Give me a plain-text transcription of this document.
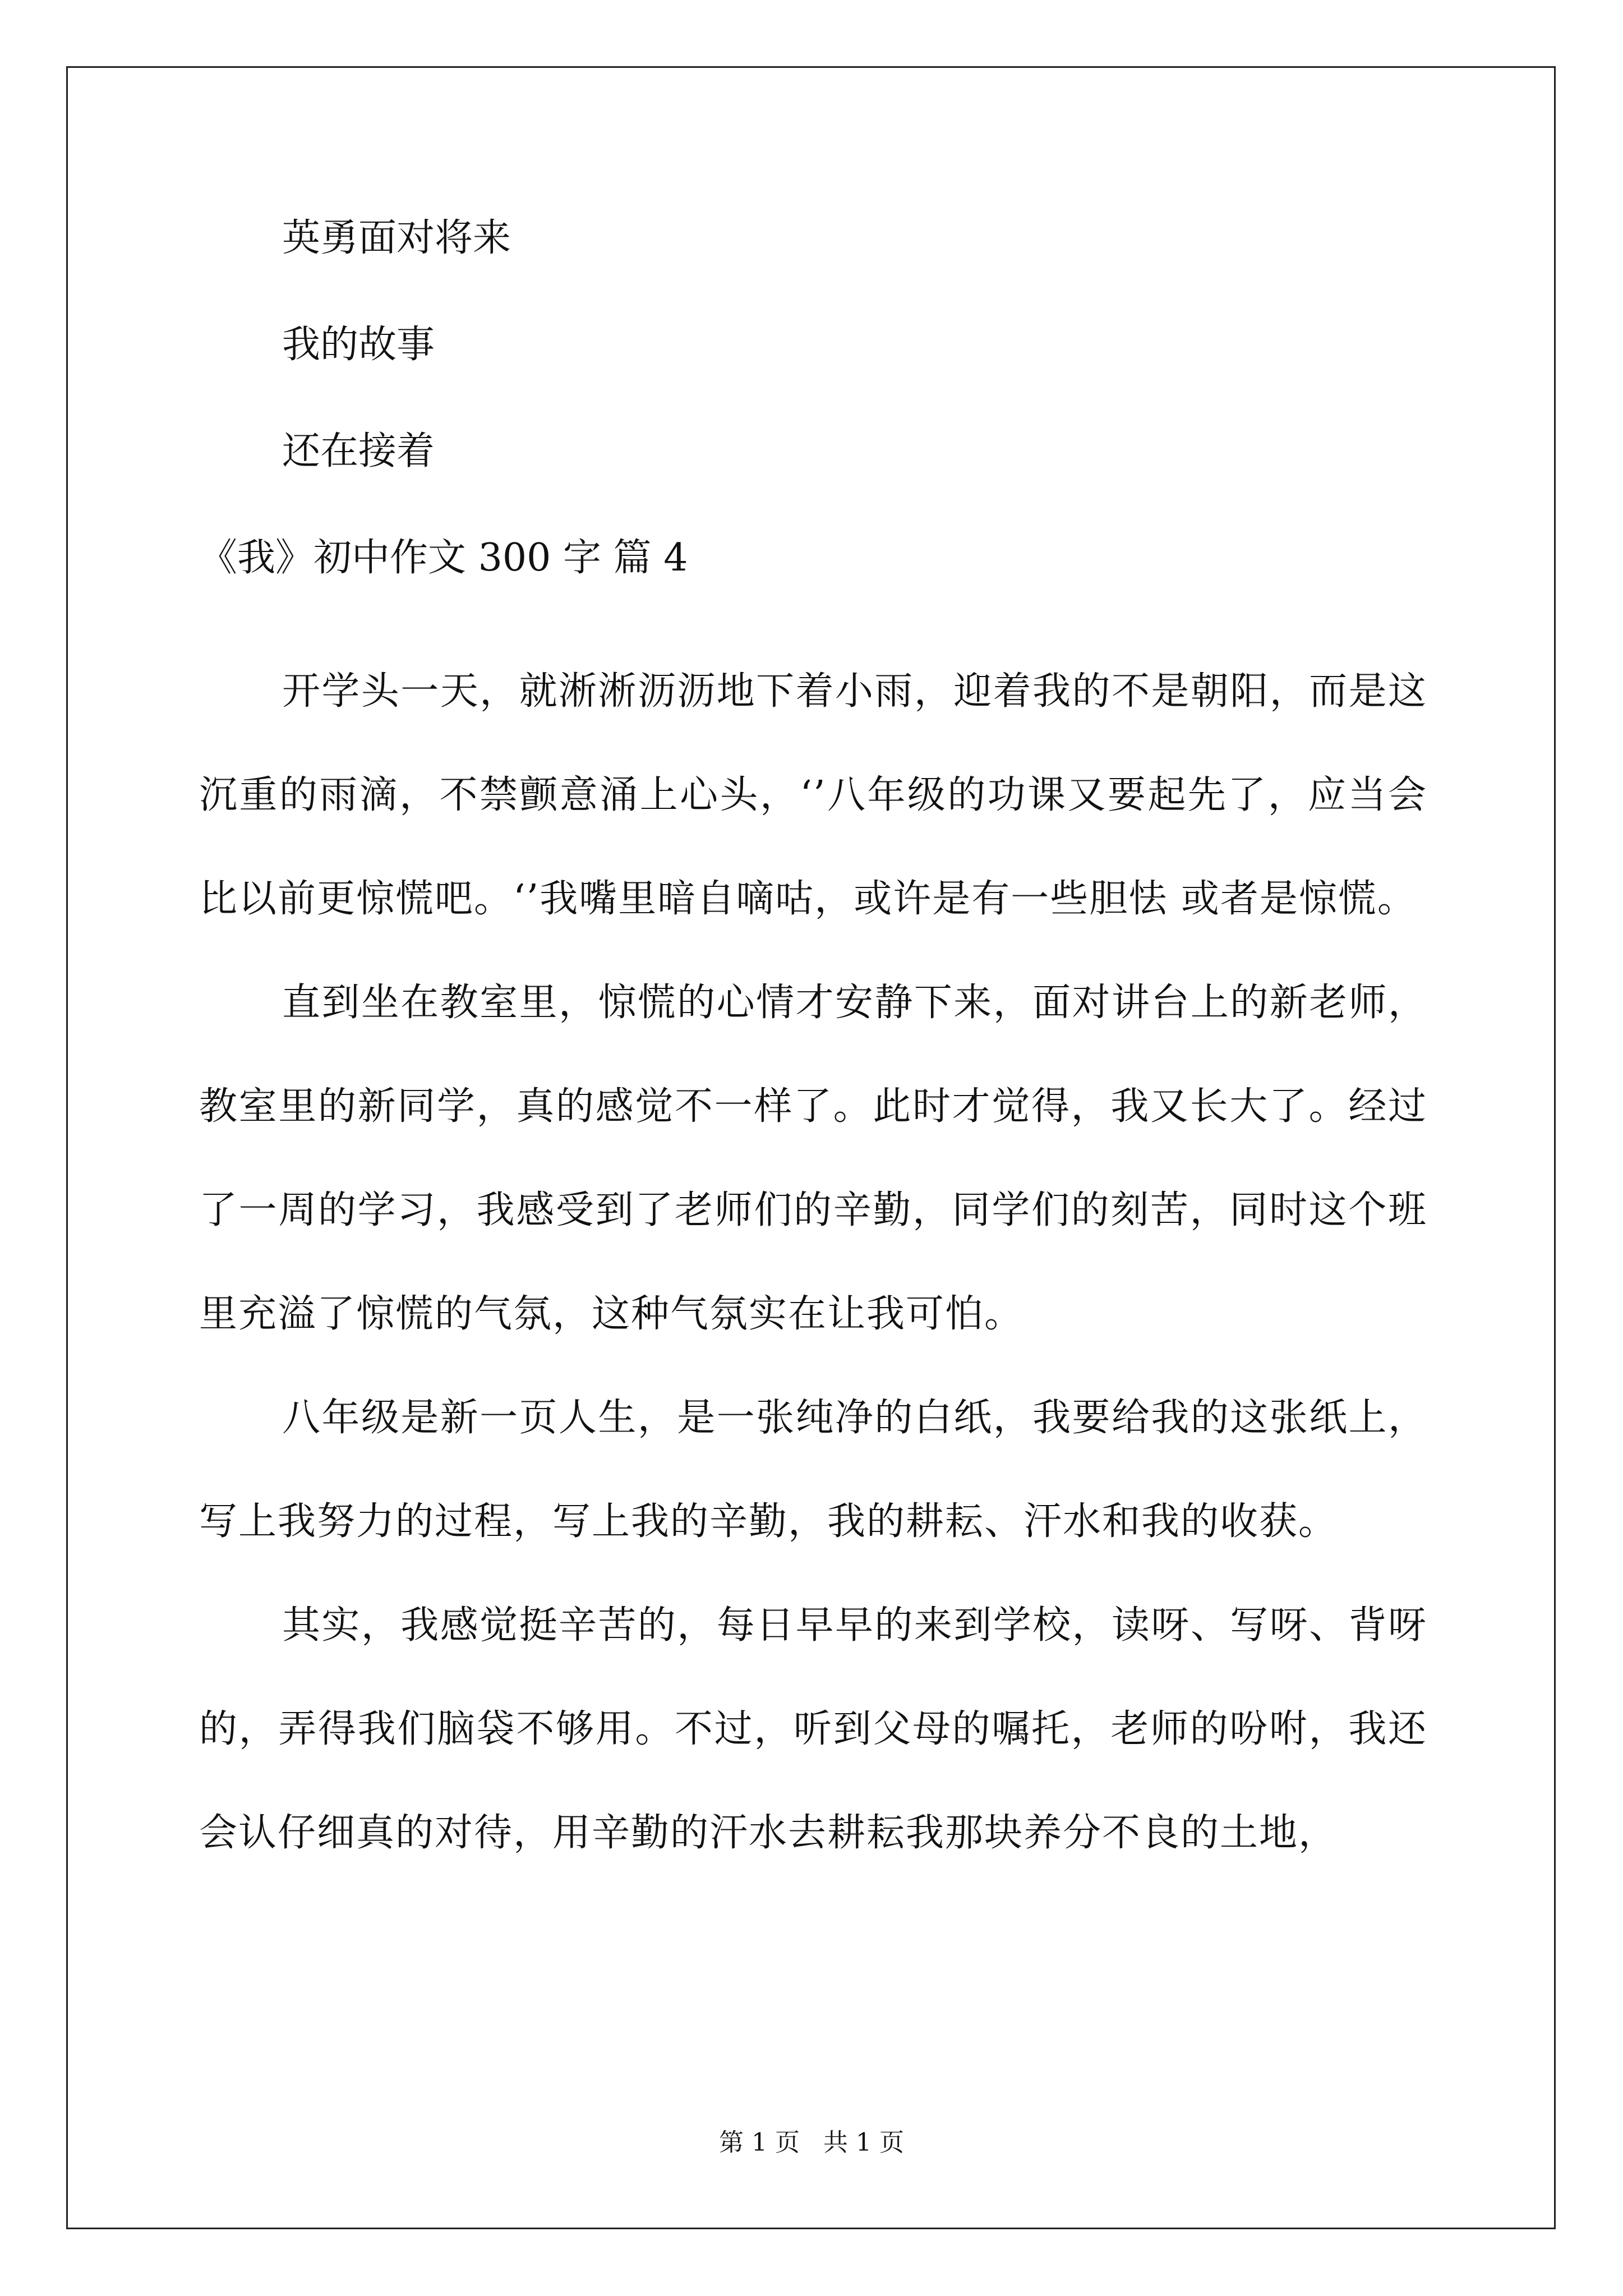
英勇面对将来

我的故事

还在接着

《我》初中作文 300 字 篇 4

开学头一天，就淅淅沥沥地下着小雨，迎着我的不是朝阳，而是这沉重的雨滴，不禁颤意涌上心头，‘’八年级的功课又要起先了，应当会比以前更惊慌吧。‘’我嘴里暗自嘀咕，或许是有一些胆怯 或者是惊慌。

直到坐在教室里，惊慌的心情才安静下来，面对讲台上的新老师，教室里的新同学，真的感觉不一样了。此时才觉得，我又长大了。经过了一周的学习，我感受到了老师们的辛勤，同学们的刻苦，同时这个班里充溢了惊慌的气氛，这种气氛实在让我可怕。

八年级是新一页人生，是一张纯净的白纸，我要给我的这张纸上，写上我努力的过程，写上我的辛勤，我的耕耘、汗水和我的收获。

其实，我感觉挺辛苦的，每日早早的来到学校，读呀、写呀、背呀的，弄得我们脑袋不够用。不过，听到父母的嘱托，老师的吩咐，我还会认仔细真的对待，用辛勤的汗水去耕耘我那块养分不良的土地，

第 1 页 共 1 页
